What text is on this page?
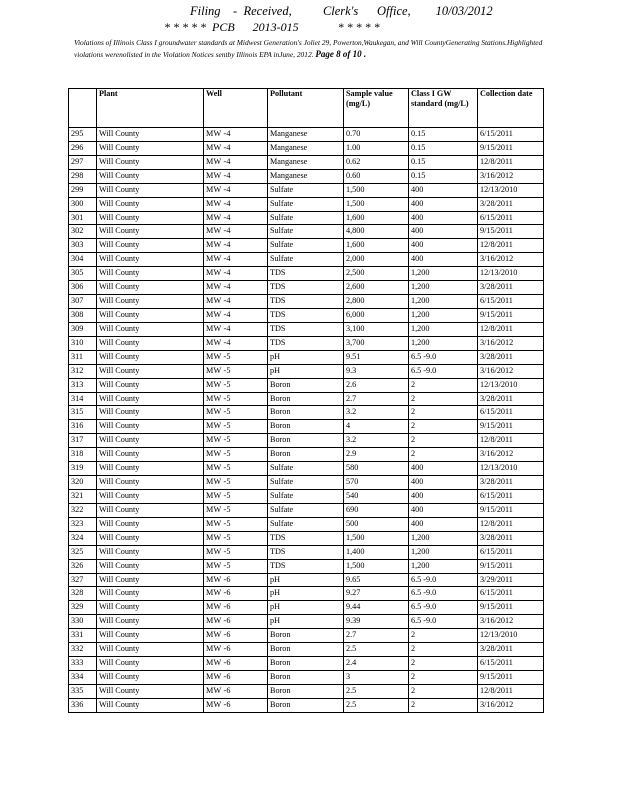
Filing    -  Received,          Clerk's      Office,        10/03/2012
* * * * *  PCB      2013-015             * * * * *
Violations of Illinois Class I groundwater standards at Midwest Generation's Joliet 29, Powerton,Waukegan, and Will CountyGenerating Stations.Highlighted violations werenolisted in the Violation Notices sentby Illinois EPA inJune, 2012. Page 8 of 10 .
	Plant	Well	Pollutant	Sample value (mg/L)	Class I GW standard (mg/L)	Collection date
295	Will County	MW -4	Manganese	0.70	0.15	6/15/2011
296	Will County	MW -4	Manganese	1.00	0.15	9/15/2011
297	Will County	MW -4	Manganese	0.62	0.15	12/8/2011
298	Will County	MW -4	Manganese	0.60	0.15	3/16/2012
299	Will County	MW -4	Sulfate	1,500	400	12/13/2010
300	Will County	MW -4	Sulfate	1,500	400	3/28/2011
301	Will County	MW -4	Sulfate	1,600	400	6/15/2011
302	Will County	MW -4	Sulfate	4,800	400	9/15/2011
303	Will County	MW -4	Sulfate	1,600	400	12/8/2011
304	Will County	MW -4	Sulfate	2,000	400	3/16/2012
305	Will County	MW -4	TDS	2,500	1,200	12/13/2010
306	Will County	MW -4	TDS	2,600	1,200	3/28/2011
307	Will County	MW -4	TDS	2,800	1,200	6/15/2011
308	Will County	MW -4	TDS	6,000	1,200	9/15/2011
309	Will County	MW -4	TDS	3,100	1,200	12/8/2011
310	Will County	MW -4	TDS	3,700	1,200	3/16/2012
311	Will County	MW -5	pH	9.51	6.5 -9.0	3/28/2011
312	Will County	MW -5	pH	9.3	6.5 -9.0	3/16/2012
313	Will County	MW -5	Boron	2.6	2	12/13/2010
314	Will County	MW -5	Boron	2.7	2	3/28/2011
315	Will County	MW -5	Boron	3.2	2	6/15/2011
316	Will County	MW -5	Boron	4	2	9/15/2011
317	Will County	MW -5	Boron	3.2	2	12/8/2011
318	Will County	MW -5	Boron	2.9	2	3/16/2012
319	Will County	MW -5	Sulfate	580	400	12/13/2010
320	Will County	MW -5	Sulfate	570	400	3/28/2011
321	Will County	MW -5	Sulfate	540	400	6/15/2011
322	Will County	MW -5	Sulfate	690	400	9/15/2011
323	Will County	MW -5	Sulfate	500	400	12/8/2011
324	Will County	MW -5	TDS	1,500	1,200	3/28/2011
325	Will County	MW -5	TDS	1,400	1,200	6/15/2011
326	Will County	MW -5	TDS	1,500	1,200	9/15/2011
327	Will County	MW -6	pH	9.65	6.5 -9.0	3/29/2011
328	Will County	MW -6	pH	9.27	6.5 -9.0	6/15/2011
329	Will County	MW -6	pH	9.44	6.5 -9.0	9/15/2011
330	Will County	MW -6	pH	9.39	6.5 -9.0	3/16/2012
331	Will County	MW -6	Boron	2.7	2	12/13/2010
332	Will County	MW -6	Boron	2.5	2	3/28/2011
333	Will County	MW -6	Boron	2.4	2	6/15/2011
334	Will County	MW -6	Boron	3	2	9/15/2011
335	Will County	MW -6	Boron	2.5	2	12/8/2011
336	Will County	MW -6	Boron	2.5	2	3/16/2012
